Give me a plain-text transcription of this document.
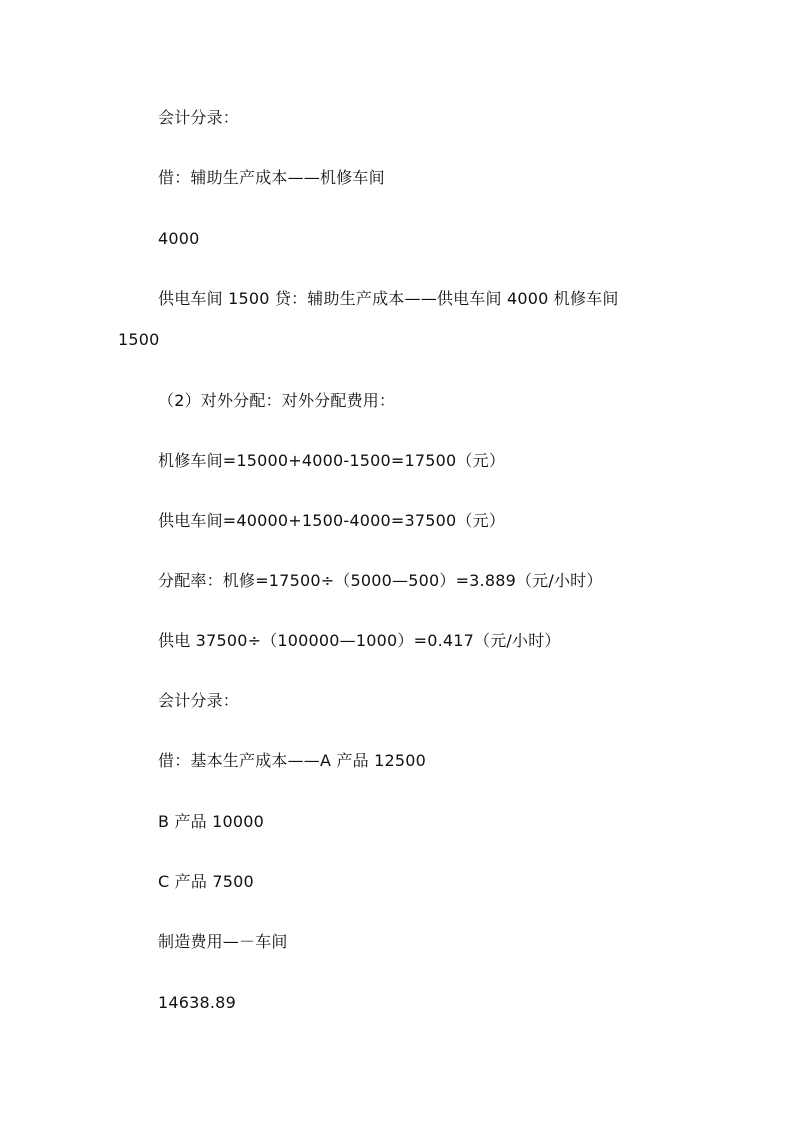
会计分录：
借：辅助生产成本——机修车间
4000
供电车间 1500 贷：辅助生产成本——供电车间 4000 机修车间
1500
（2）对外分配：对外分配费用：
机修车间=15000+4000-1500=17500（元）
供电车间=40000+1500-4000=37500（元）
分配率：机修=17500÷（5000—500）=3.889（元/小时）
供电 37500÷（100000—1000）=0.417（元/小时）
会计分录：
借：基本生产成本——A 产品 12500
B 产品 10000
C 产品 7500
制造费用—－车间
14638.89
